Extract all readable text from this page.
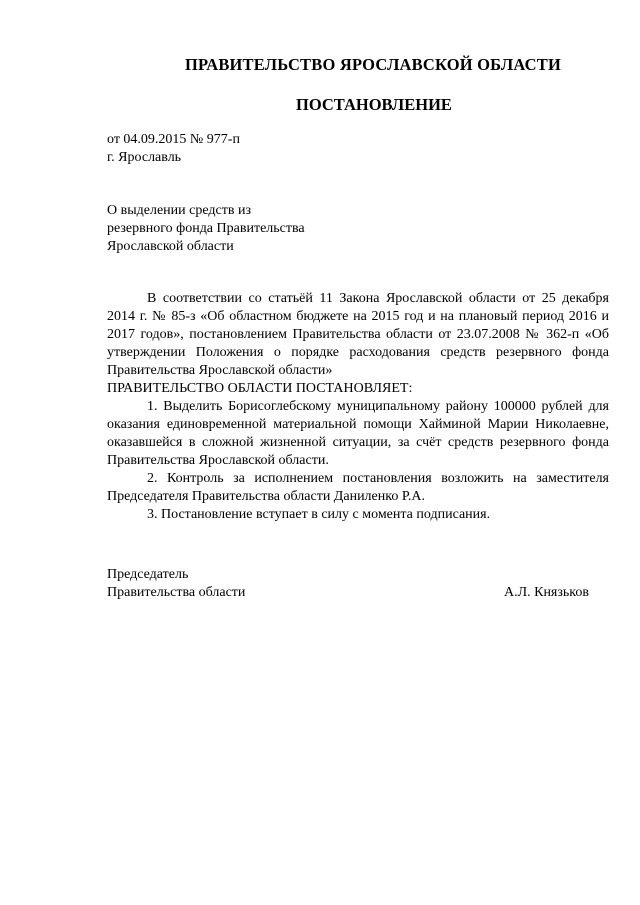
ПРАВИТЕЛЬСТВО ЯРОСЛАВСКОЙ ОБЛАСТИ
ПОСТАНОВЛЕНИЕ
от 04.09.2015 № 977-п
г. Ярославль
О выделении средств из
резервного фонда Правительства
Ярославской области

В соответствии со статьёй 11 Закона Ярославской области от 25 декабря 2014 г. № 85-з «Об областном бюджете на 2015 год и на плановый период 2016 и 2017 годов», постановлением Правительства области от 23.07.2008 № 362-п «Об утверждении Положения о порядке расходования средств резервного фонда Правительства Ярославской области»

ПРАВИТЕЛЬСТВО ОБЛАСТИ ПОСТАНОВЛЯЕТ:

1. Выделить Борисоглебскому муниципальному району 100000 рублей для оказания единовременной материальной помощи Хайминой Марии Николаевне, оказавшейся в сложной жизненной ситуации, за счёт средств резервного фонда Правительства Ярославской области.

2. Контроль за исполнением постановления возложить на заместителя Председателя Правительства области Даниленко Р.А.

3. Постановление вступает в силу с момента подписания.

Председатель
Правительства области	А.Л. Князьков
